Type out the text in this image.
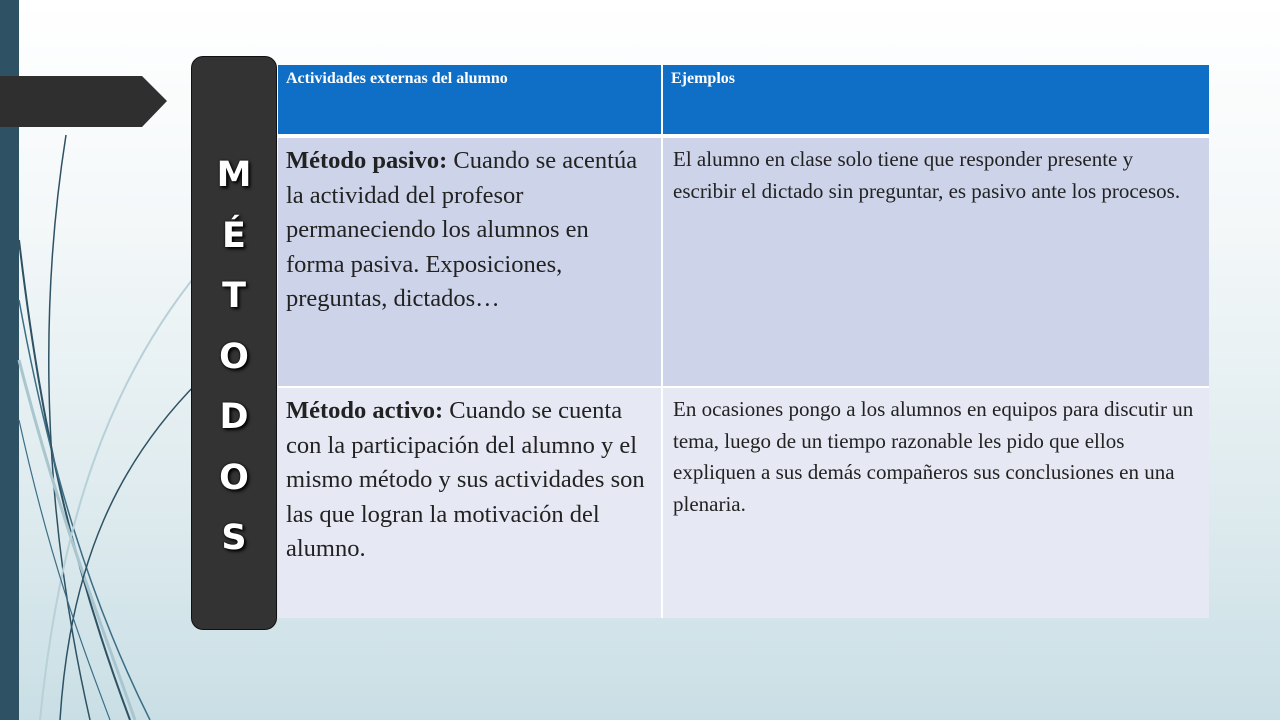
M
É
T
O
D
O
S
Actividades externas del alumno	Ejemplos
Método pasivo: Cuando se acentúa la actividad del profesor permaneciendo los alumnos en forma pasiva. Exposiciones, preguntas, dictados…	El alumno en clase solo tiene que responder presente y escribir el dictado sin preguntar, es pasivo ante los procesos.
Método activo: Cuando se cuenta con la participación del alumno y el mismo método y sus actividades son las que logran la motivación del alumno.	En ocasiones pongo a los alumnos en equipos para discutir un tema, luego de un tiempo razonable les pido que ellos expliquen a sus demás compañeros sus conclusiones en una plenaria.
